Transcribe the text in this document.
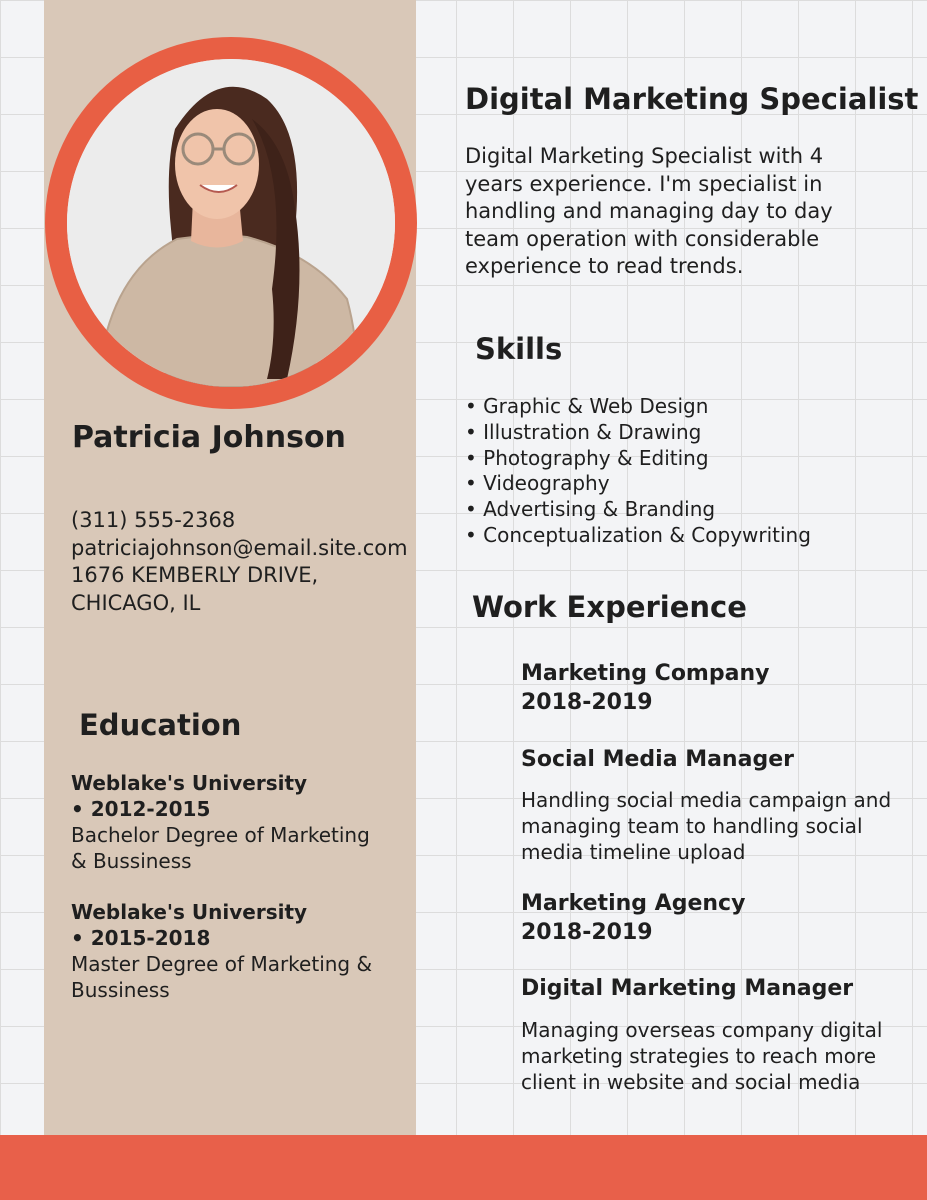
Patricia Johnson
(311) 555-2368
patriciajohnson@email.site.com
1676 KEMBERLY DRIVE,
CHICAGO, IL
Education
Weblake's University
• 2012-2015
Bachelor Degree of Marketing & Bussiness
Weblake's University
• 2015-2018
Master Degree of Marketing & Bussiness
Digital Marketing Specialist
Digital Marketing Specialist with 4 years experience. I'm specialist in handling and managing day to day team operation with considerable experience to read trends.
Skills
• Graphic & Web Design
• Illustration & Drawing
• Photography & Editing
• Videography
• Advertising & Branding
• Conceptualization & Copywriting
Work Experience
Marketing Company
2018-2019
Social Media Manager
Handling social media campaign and managing team to handling social media timeline upload
Marketing Agency
2018-2019
Digital Marketing Manager
Managing overseas company digital marketing strategies to reach more client in website and social media
